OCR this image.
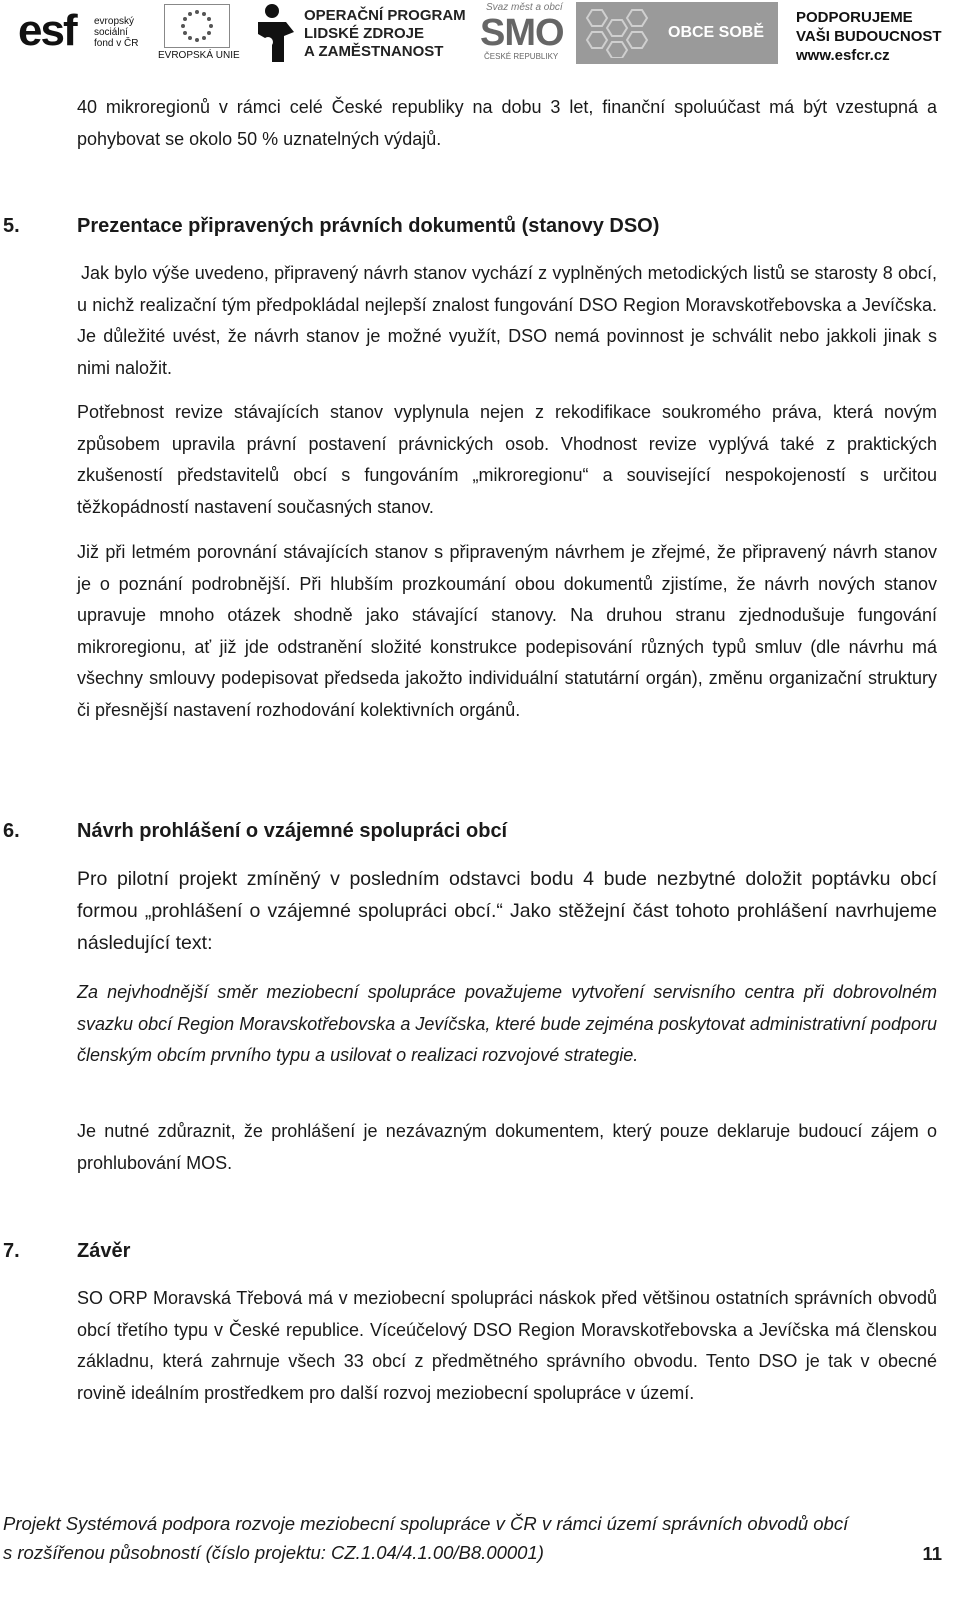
esf evropský
sociální
fond v ČR
EVROPSKÁ UNIE
OPERAČNÍ PROGRAM
LIDSKÉ ZDROJE
A ZAMĚSTNANOST
Svaz měst a obcí
SMO
ČESKÉ REPUBLIKY
OBCE SOBĚ
PODPORUJEME
VAŠI BUDOUCNOST
www.esfcr.cz

40 mikroregionů v rámci celé České republiky na dobu 3 let, finanční spoluúčast má být vzestupná a pohybovat se okolo 50 % uznatelných výdajů.

5.	Prezentace připravených právních dokumentů (stanovy DSO)

Jak bylo výše uvedeno, připravený návrh stanov vychází z vyplněných metodických listů se starosty 8 obcí, u nichž realizační tým předpokládal nejlepší znalost fungování DSO Region Moravskotřebovska a Jevíčska. Je důležité uvést, že návrh stanov je možné využít, DSO nemá povinnost je schválit nebo jakkoli jinak s nimi naložit.

Potřebnost revize stávajících stanov vyplynula nejen z rekodifikace soukromého práva, která novým způsobem upravila právní postavení právnických osob. Vhodnost revize vyplývá také z praktických zkušeností představitelů obcí s fungováním „mikroregionu“ a související nespokojeností s určitou těžkopádností nastavení současných stanov.

Již při letmém porovnání stávajících stanov s připraveným návrhem je zřejmé, že připravený návrh stanov je o poznání podrobnější. Při hlubším prozkoumání obou dokumentů zjistíme, že návrh nových stanov upravuje mnoho otázek shodně jako stávající stanovy. Na druhou stranu zjednodušuje fungování mikroregionu, ať již jde odstranění složité konstrukce podepisování různých typů smluv (dle návrhu má všechny smlouvy podepisovat předseda jakožto individuální statutární orgán), změnu organizační struktury či přesnější nastavení rozhodování kolektivních orgánů.

6.	Návrh prohlášení o vzájemné spolupráci obcí

Pro pilotní projekt zmíněný v posledním odstavci bodu 4 bude nezbytné doložit poptávku obcí formou „prohlášení o vzájemné spolupráci obcí.“ Jako stěžejní část tohoto prohlášení navrhujeme následující text:

Za nejvhodnější směr meziobecní spolupráce považujeme vytvoření servisního centra při dobrovolném svazku obcí Region Moravskotřebovska a Jevíčska, které bude zejména poskytovat administrativní podporu členským obcím prvního typu a usilovat o realizaci rozvojové strategie.

Je nutné zdůraznit, že prohlášení je nezávazným dokumentem, který pouze deklaruje budoucí zájem o prohlubování MOS.

7.	Závěr

SO ORP Moravská Třebová má v meziobecní spolupráci náskok před většinou ostatních správních obvodů obcí třetího typu v České republice. Víceúčelový DSO Region Moravskotřebovska a Jevíčska má členskou základnu, která zahrnuje všech 33 obcí z předmětného správního obvodu. Tento DSO je tak v obecné rovině ideálním prostředkem pro další rozvoj meziobecní spolupráce v území.

Projekt Systémová podpora rozvoje meziobecní spolupráce v ČR v rámci území správních obvodů obcí
s rozšířenou působností (číslo projektu: CZ.1.04/4.1.00/B8.00001)	11
